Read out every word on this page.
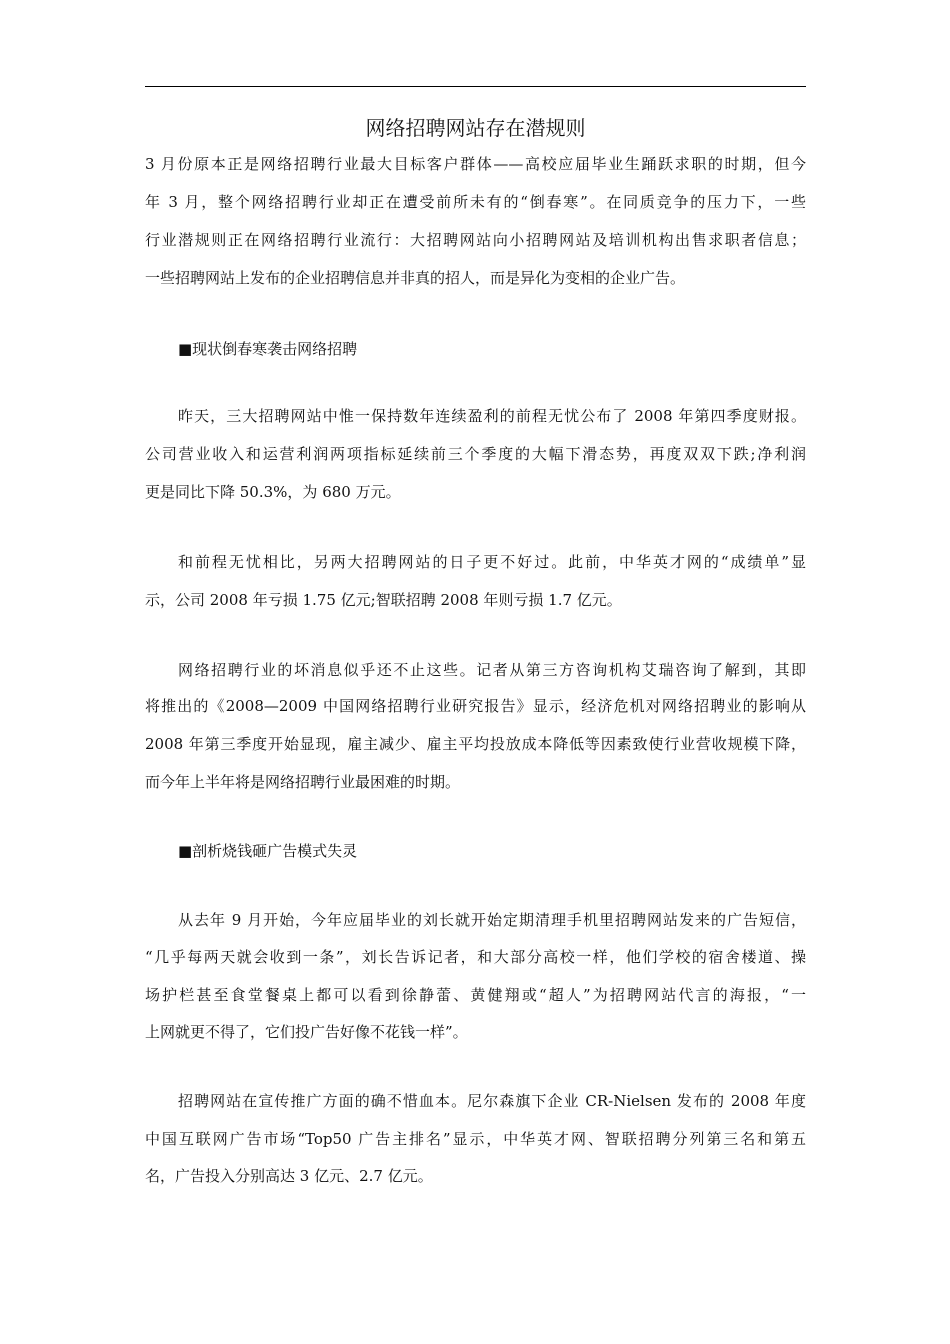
网络招聘网站存在潜规则
3 月份原本正是网络招聘行业最大目标客户群体——高校应届毕业生踊跃求职的时期，但今
年 3 月，整个网络招聘行业却正在遭受前所未有的“倒春寒”。在同质竞争的压力下，一些
行业潜规则正在网络招聘行业流行：大招聘网站向小招聘网站及培训机构出售求职者信息；
一些招聘网站上发布的企业招聘信息并非真的招人，而是异化为变相的企业广告。
■现状倒春寒袭击网络招聘
昨天，三大招聘网站中惟一保持数年连续盈利的前程无忧公布了 2008 年第四季度财报。
公司营业收入和运营利润两项指标延续前三个季度的大幅下滑态势，再度双双下跌;净利润
更是同比下降 50.3%，为 680 万元。
和前程无忧相比，另两大招聘网站的日子更不好过。此前，中华英才网的“成绩单”显
示，公司 2008 年亏损 1.75 亿元;智联招聘 2008 年则亏损 1.7 亿元。
网络招聘行业的坏消息似乎还不止这些。记者从第三方咨询机构艾瑞咨询了解到，其即
将推出的《2008—2009 中国网络招聘行业研究报告》显示，经济危机对网络招聘业的影响从
2008 年第三季度开始显现，雇主减少、雇主平均投放成本降低等因素致使行业营收规模下降，
而今年上半年将是网络招聘行业最困难的时期。
■剖析烧钱砸广告模式失灵
从去年 9 月开始，今年应届毕业的刘长就开始定期清理手机里招聘网站发来的广告短信，
“几乎每两天就会收到一条”，刘长告诉记者，和大部分高校一样，他们学校的宿舍楼道、操
场护栏甚至食堂餐桌上都可以看到徐静蕾、黄健翔或“超人”为招聘网站代言的海报，“一
上网就更不得了，它们投广告好像不花钱一样”。
招聘网站在宣传推广方面的确不惜血本。尼尔森旗下企业 CR-Nielsen 发布的 2008 年度
中国互联网广告市场“Top50 广告主排名”显示，中华英才网、智联招聘分列第三名和第五
名，广告投入分别高达 3 亿元、2.7 亿元。
